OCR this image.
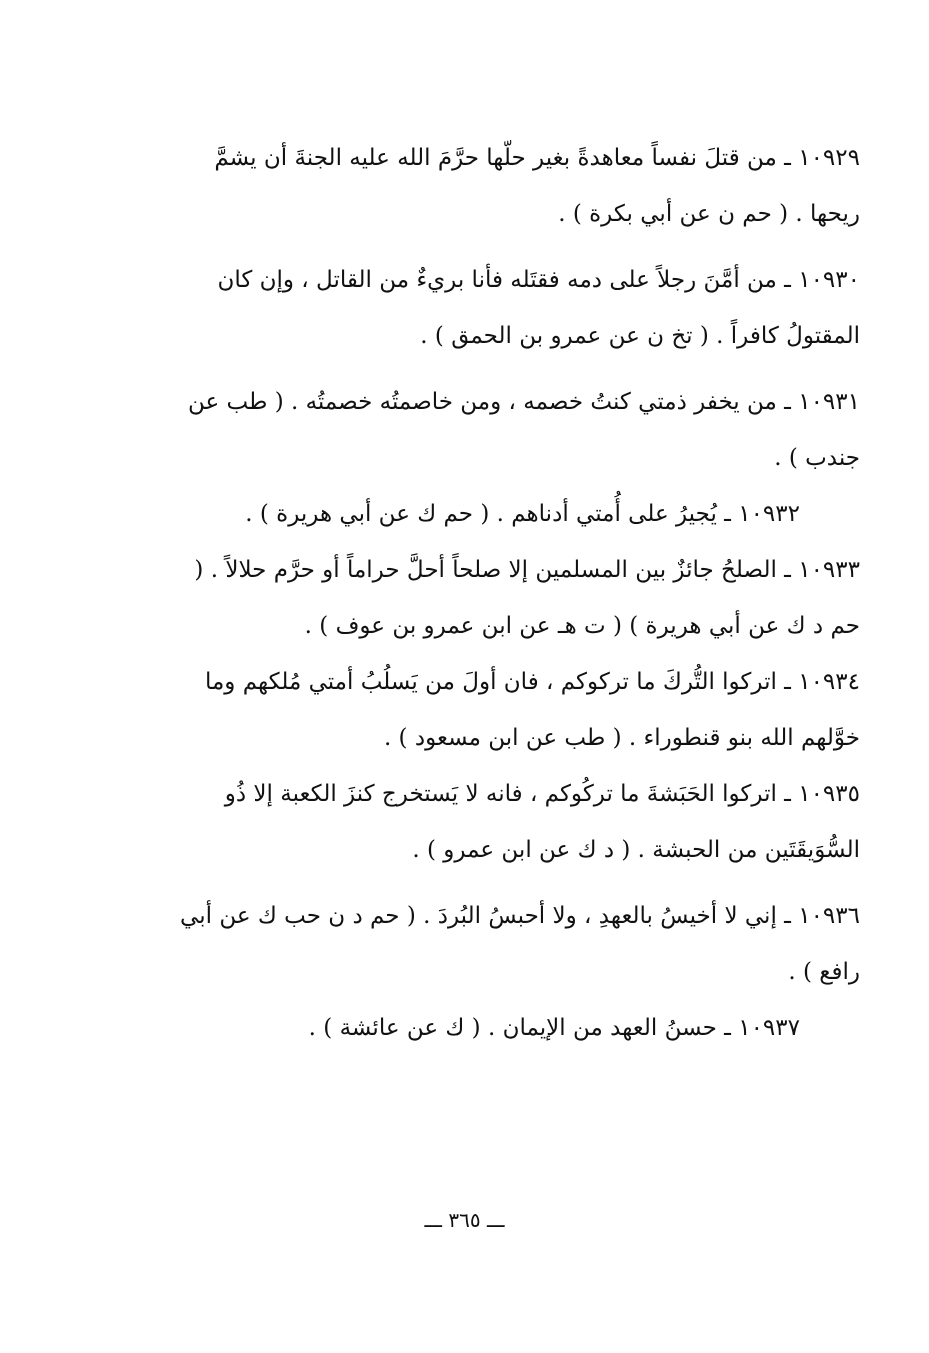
١٠٩٢٩ ـ من قتلَ نفساً معاهدةً بغير حلّها حرَّمَ الله عليه الجنةَ أن يشمَّ ريحها . ( حم ن عن أبي بكرة ) .

١٠٩٣٠ ـ من أمَّنَ رجلاً على دمه فقتَله فأنا بريءٌ من القاتل ، وإن كان المقتولُ كافراً . ( تخ ن عن عمرو بن الحمق ) .

١٠٩٣١ ـ من يخفر ذمتي كنتُ خصمه ، ومن خاصمتُه خصمتُه . ( طب عن جندب ) .

١٠٩٣٢ ـ يُجيرُ على أُمتي أدناهم . ( حم ك عن أبي هريرة ) .

١٠٩٣٣ ـ الصلحُ جائزٌ بين المسلمين إلا صلحاً أحلَّ حراماً أو حرَّم حلالاً . ( حم د ك عن أبي هريرة ) ( ت هـ عن ابن عمرو بن عوف ) .

١٠٩٣٤ ـ اتركوا التُّركَ ما تركوكم ، فان أولَ من يَسلُبُ أمتي مُلكهم وما خوَّلهم الله بنو قنطوراء . ( طب عن ابن مسعود ) .

١٠٩٣٥ ـ اتركوا الحَبَشةَ ما تركُوكم ، فانه لا يَستخرج كنزَ الكعبة إلا ذُو السُّوَيقَتَين من الحبشة . ( د ك عن ابن عمرو ) .

١٠٩٣٦ ـ إني لا أخيسُ بالعهدِ ، ولا أحبسُ البُردَ . ( حم د ن حب ك عن أبي رافع ) .

١٠٩٣٧ ـ حسنُ العهد من الإيمان . ( ك عن عائشة ) .

ـــ ٣٦٥ ـــ
